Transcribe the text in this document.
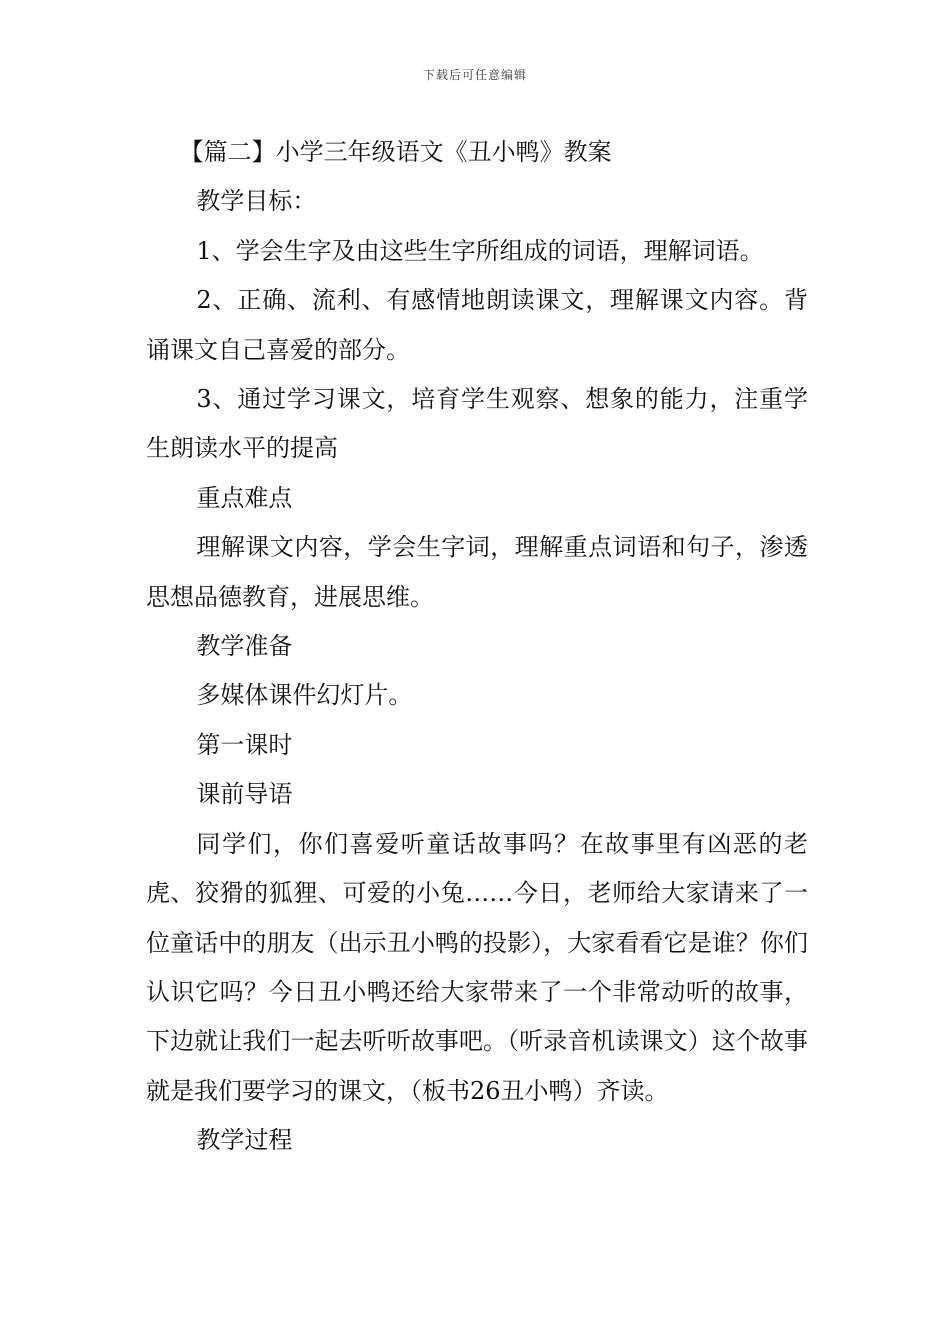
下载后可任意编辑

【篇二】小学三年级语文《丑小鸭》教案

教学目标：

1、学会生字及由这些生字所组成的词语，理解词语。

2、正确、流利、有感情地朗读课文，理解课文内容。背诵课文自己喜爱的部分。

3、通过学习课文，培育学生观察、想象的能力，注重学生朗读水平的提高

重点难点

理解课文内容，学会生字词，理解重点词语和句子，渗透思想品德教育，进展思维。

教学准备

多媒体课件幻灯片。

第一课时

课前导语

同学们，你们喜爱听童话故事吗？在故事里有凶恶的老虎、狡猾的狐狸、可爱的小兔……今日，老师给大家请来了一位童话中的朋友（出示丑小鸭的投影），大家看看它是谁？你们认识它吗？今日丑小鸭还给大家带来了一个非常动听的故事，下边就让我们一起去听听故事吧。（听录音机读课文）这个故事就是我们要学习的课文，（板书26丑小鸭）齐读。

教学过程
